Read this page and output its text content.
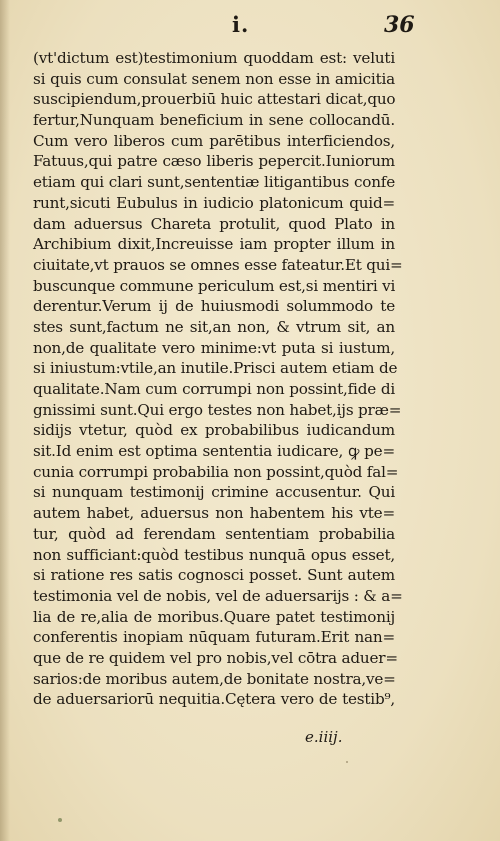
i.	36
(vt'dictum est)testimonium quoddam est: veluti
si quis cum consulat senem non esse in amicitia
suscipiendum,prouerbiū huic attestari dicat,quo
fertur,Nunquam beneficium in sene collocandū.
Cum vero liberos cum parētibus interficiendos,
Fatuus,qui patre cæso liberis pepercit.Iuniorum
etiam qui clari sunt,sententiæ litigantibus confe
runt,sicuti Eubulus in iudicio platonicum quid=
dam aduersus Chareta protulit, quod Plato in
Archibium dixit,Increuisse iam propter illum in
ciuitate,vt prauos se omnes esse fateatur.Et qui=
buscunque commune periculum est,si mentiri vi
derentur.Verum ij de huiusmodi solummodo te
stes sunt,factum ne sit,an non, & vtrum sit, an
non,de qualitate vero minime:vt puta si iustum,
si iniustum:vtile,an inutile.Prisci autem etiam de
qualitate.Nam cum corrumpi non possint,fide di
gnissimi sunt.Qui ergo testes non habet,ijs præ=
sidijs vtetur, quòd ex probabilibus iudicandum
sit.Id enim est optima sententia iudicare, ꝙ pe=
cunia corrumpi probabilia non possint,quòd fal=
si nunquam testimonij crimine accusentur. Qui
autem habet, aduersus non habentem his vte=
tur, quòd ad ferendam sententiam probabilia
non sufficiant:quòd testibus nunquā opus esset,
si ratione res satis cognosci posset. Sunt autem
testimonia vel de nobis, vel de aduersarijs : & a=
lia de re,alia de moribus.Quare patet testimonij
conferentis inopiam nūquam futuram.Erit nan=
que de re quidem vel pro nobis,vel cōtra aduer=
sarios:de moribus autem,de bonitate nostra,ve=
de aduersariorū nequitia.Cętera vero de testib⁹,
e.iiij.
